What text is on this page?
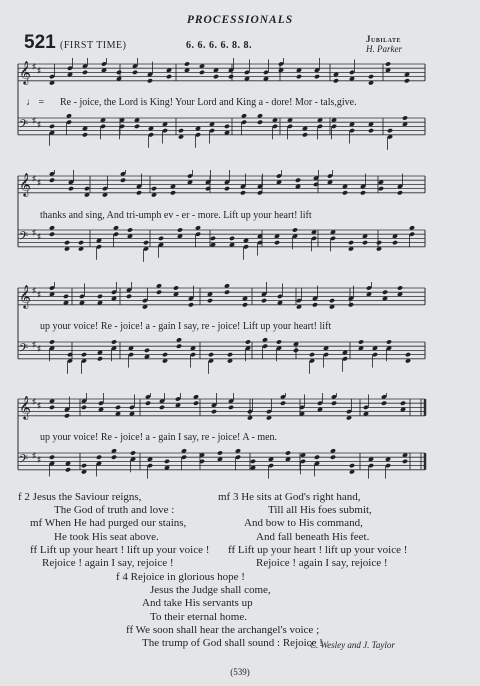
PROCESSIONALS
521 (FIRST TIME)	6. 6. 6. 6. 8. 8.
Jubilate
H. Parker
♩ =
𝄞 ♯ ♯
𝄢 ♯ ♯
Re - joice, the Lord is King! Your Lord and King a - dore! Mor - tals,give.
𝄞 ♯ ♯
𝄢 ♯ ♯
thanks and sing, And tri-umph ev - er - more. Lift up your heart! lift
𝄞 ♯ ♯
𝄢 ♯ ♯
up your voice! Re - joice! a - gain I say, re - joice! Lift up your heart! lift
𝄞 ♯ ♯
𝄢 ♯ ♯
up your voice! Re - joice! a - gain I say, re - joice! A - men.
f 2 Jesus the Saviour reigns,
The God of truth and love :
mf When He had purged our stains,
He took His seat above.
ff Lift up your heart ! lift up your voice !
Rejoice ! again I say, rejoice !
mf 3 He sits at God's right hand,
Till all His foes submit,
And bow to His command,
And fall beneath His feet.
ff Lift up your heart ! lift up your voice !
Rejoice ! again I say, rejoice !
f 4 Rejoice in glorious hope !
Jesus the Judge shall come,
And take His servants up
To their eternal home.
ff We soon shall hear the archangel's voice ;
The trump of God shall sound : Rejoice !
C. Wesley and J. Taylor
(539)
